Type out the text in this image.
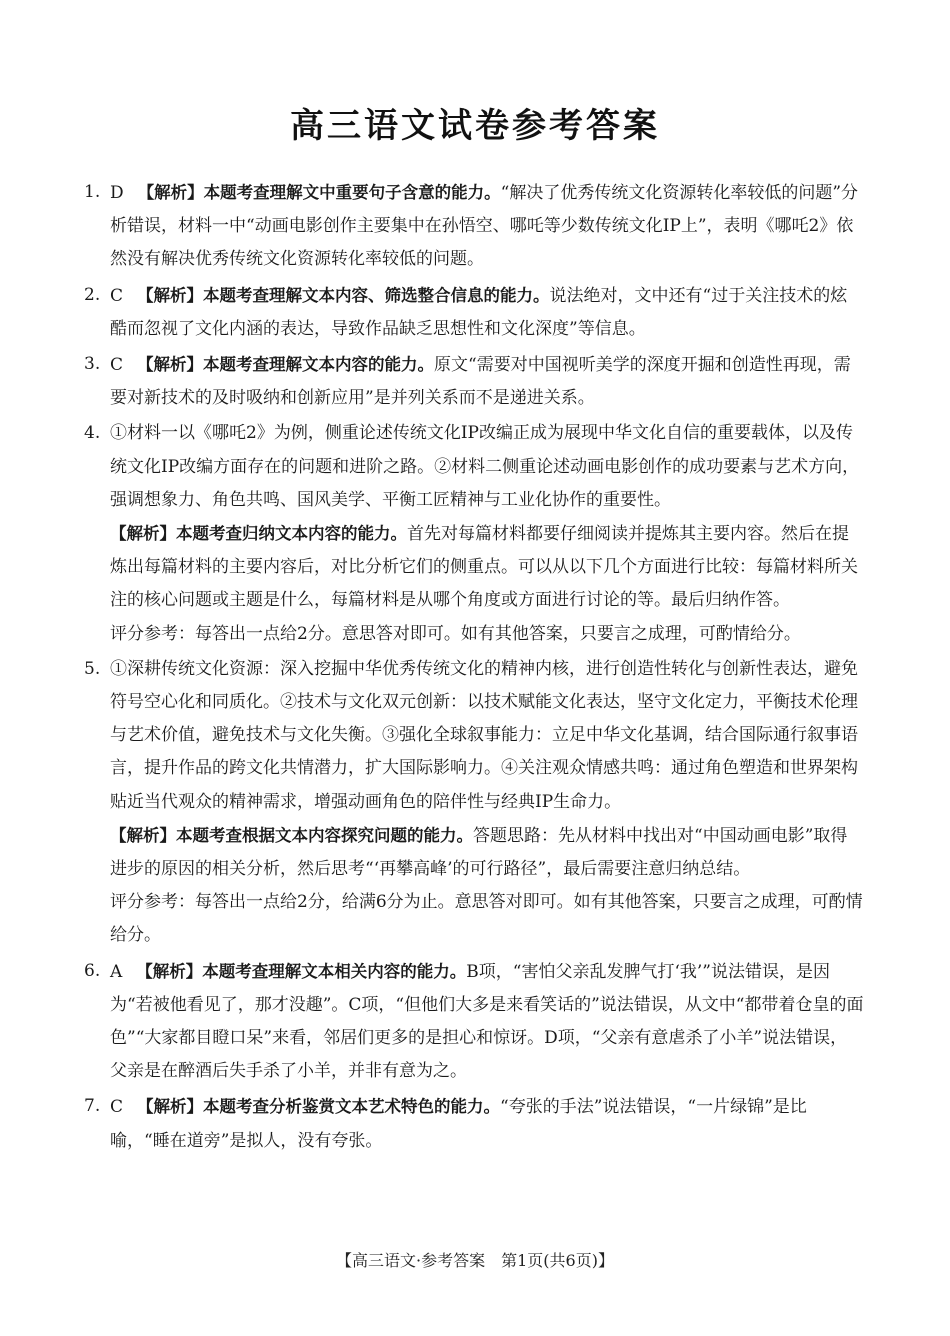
高三语文试卷参考答案

1. D 【解析】本题考查理解文中重要句子含意的能力。“解决了优秀传统文化资源转化率较低的问题”分析错误，材料一中“动画电影创作主要集中在孙悟空、哪吒等少数传统文化IP上”，表明《哪吒2》依然没有解决优秀传统文化资源转化率较低的问题。

2. C 【解析】本题考查理解文本内容、筛选整合信息的能力。说法绝对，文中还有“过于关注技术的炫酷而忽视了文化内涵的表达，导致作品缺乏思想性和文化深度”等信息。

3. C 【解析】本题考查理解文本内容的能力。原文“需要对中国视听美学的深度开掘和创造性再现，需要对新技术的及时吸纳和创新应用”是并列关系而不是递进关系。

4. ①材料一以《哪吒2》为例，侧重论述传统文化IP改编正成为展现中华文化自信的重要载体，以及传统文化IP改编方面存在的问题和进阶之路。②材料二侧重论述动画电影创作的成功要素与艺术方向，强调想象力、角色共鸣、国风美学、平衡工匠精神与工业化协作的重要性。

【解析】本题考查归纳文本内容的能力。首先对每篇材料都要仔细阅读并提炼其主要内容。然后在提炼出每篇材料的主要内容后，对比分析它们的侧重点。可以从以下几个方面进行比较：每篇材料所关注的核心问题或主题是什么，每篇材料是从哪个角度或方面进行讨论的等。最后归纳作答。

评分参考：每答出一点给2分。意思答对即可。如有其他答案，只要言之成理，可酌情给分。

5. ①深耕传统文化资源：深入挖掘中华优秀传统文化的精神内核，进行创造性转化与创新性表达，避免符号空心化和同质化。②技术与文化双元创新：以技术赋能文化表达，坚守文化定力，平衡技术伦理与艺术价值，避免技术与文化失衡。③强化全球叙事能力：立足中华文化基调，结合国际通行叙事语言，提升作品的跨文化共情潜力，扩大国际影响力。④关注观众情感共鸣：通过角色塑造和世界架构贴近当代观众的精神需求，增强动画角色的陪伴性与经典IP生命力。

【解析】本题考查根据文本内容探究问题的能力。答题思路：先从材料中找出对“中国动画电影”取得进步的原因的相关分析，然后思考“‘再攀高峰’的可行路径”，最后需要注意归纳总结。

评分参考：每答出一点给2分，给满6分为止。意思答对即可。如有其他答案，只要言之成理，可酌情给分。

6. A 【解析】本题考查理解文本相关内容的能力。B项，“害怕父亲乱发脾气打‘我’”说法错误，是因为“若被他看见了，那才没趣”。C项，“但他们大多是来看笑话的”说法错误，从文中“都带着仓皇的面色”“大家都目瞪口呆”来看，邻居们更多的是担心和惊讶。D项，“父亲有意虐杀了小羊”说法错误，父亲是在醉酒后失手杀了小羊，并非有意为之。

7. C 【解析】本题考查分析鉴赏文本艺术特色的能力。“夸张的手法”说法错误，“一片绿锦”是比喻，“睡在道旁”是拟人，没有夸张。

【高三语文·参考答案 第1页(共6页)】
